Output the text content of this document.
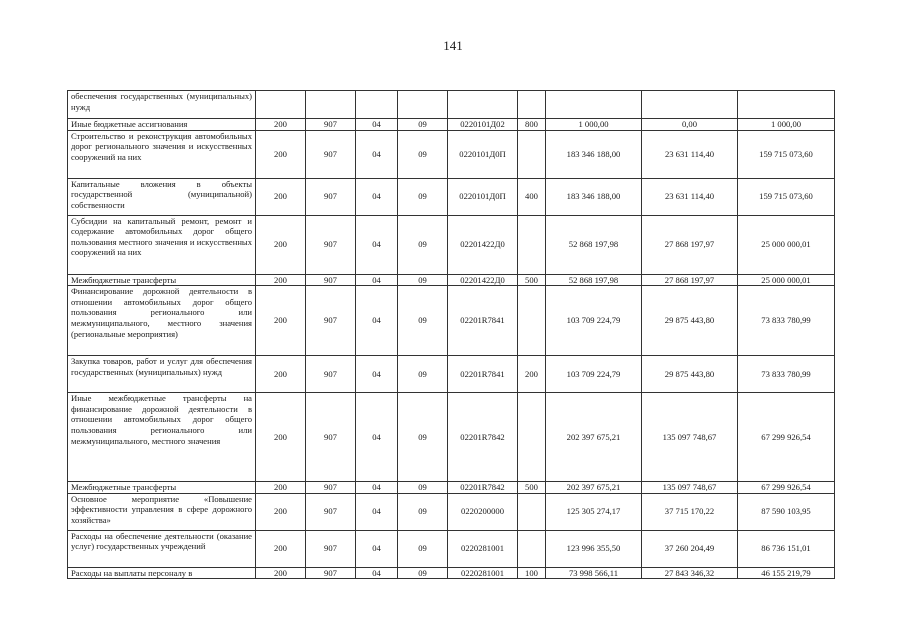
141
обеспечения государственных (муниципальных) нужд									
Иные бюджетные ассигнования	200	907	04	09	0220101Д02	800	1 000,00	0,00	1 000,00
Строительство и реконструкция автомобильных дорог регионального значения и искусственных сооружений на них	200	907	04	09	0220101Д0П		183 346 188,00	23 631 114,40	159 715 073,60
Капитальные вложения в объекты государственной (муниципальной) собственности	200	907	04	09	0220101Д0П	400	183 346 188,00	23 631 114,40	159 715 073,60
Субсидии на капитальный ремонт, ремонт и содержание автомобильных дорог общего пользования местного значения и искусственных сооружений на них	200	907	04	09	02201422Д0		52 868 197,98	27 868 197,97	25 000 000,01
Межбюджетные трансферты	200	907	04	09	02201422Д0	500	52 868 197,98	27 868 197,97	25 000 000,01
Финансирование дорожной деятельности в отношении автомобильных дорог общего пользования регионального или межмуниципального, местного значения (региональные мероприятия)	200	907	04	09	02201R7841		103 709 224,79	29 875 443,80	73 833 780,99
Закупка товаров, работ и услуг для обеспечения государственных (муниципальных) нужд	200	907	04	09	02201R7841	200	103 709 224,79	29 875 443,80	73 833 780,99
Иные межбюджетные трансферты на финансирование дорожной деятельности в отношении автомобильных дорог общего пользования регионального или межмуниципального, местного значения	200	907	04	09	02201R7842		202 397 675,21	135 097 748,67	67 299 926,54
Межбюджетные трансферты	200	907	04	09	02201R7842	500	202 397 675,21	135 097 748,67	67 299 926,54
Основное мероприятие «Повышение эффективности управления в сфере дорожного хозяйства»	200	907	04	09	0220200000		125 305 274,17	37 715 170,22	87 590 103,95
Расходы на обеспечение деятельности (оказание услуг) государственных учреждений	200	907	04	09	0220281001		123 996 355,50	37 260 204,49	86 736 151,01
Расходы на выплаты персоналу в	200	907	04	09	0220281001	100	73 998 566,11	27 843 346,32	46 155 219,79
